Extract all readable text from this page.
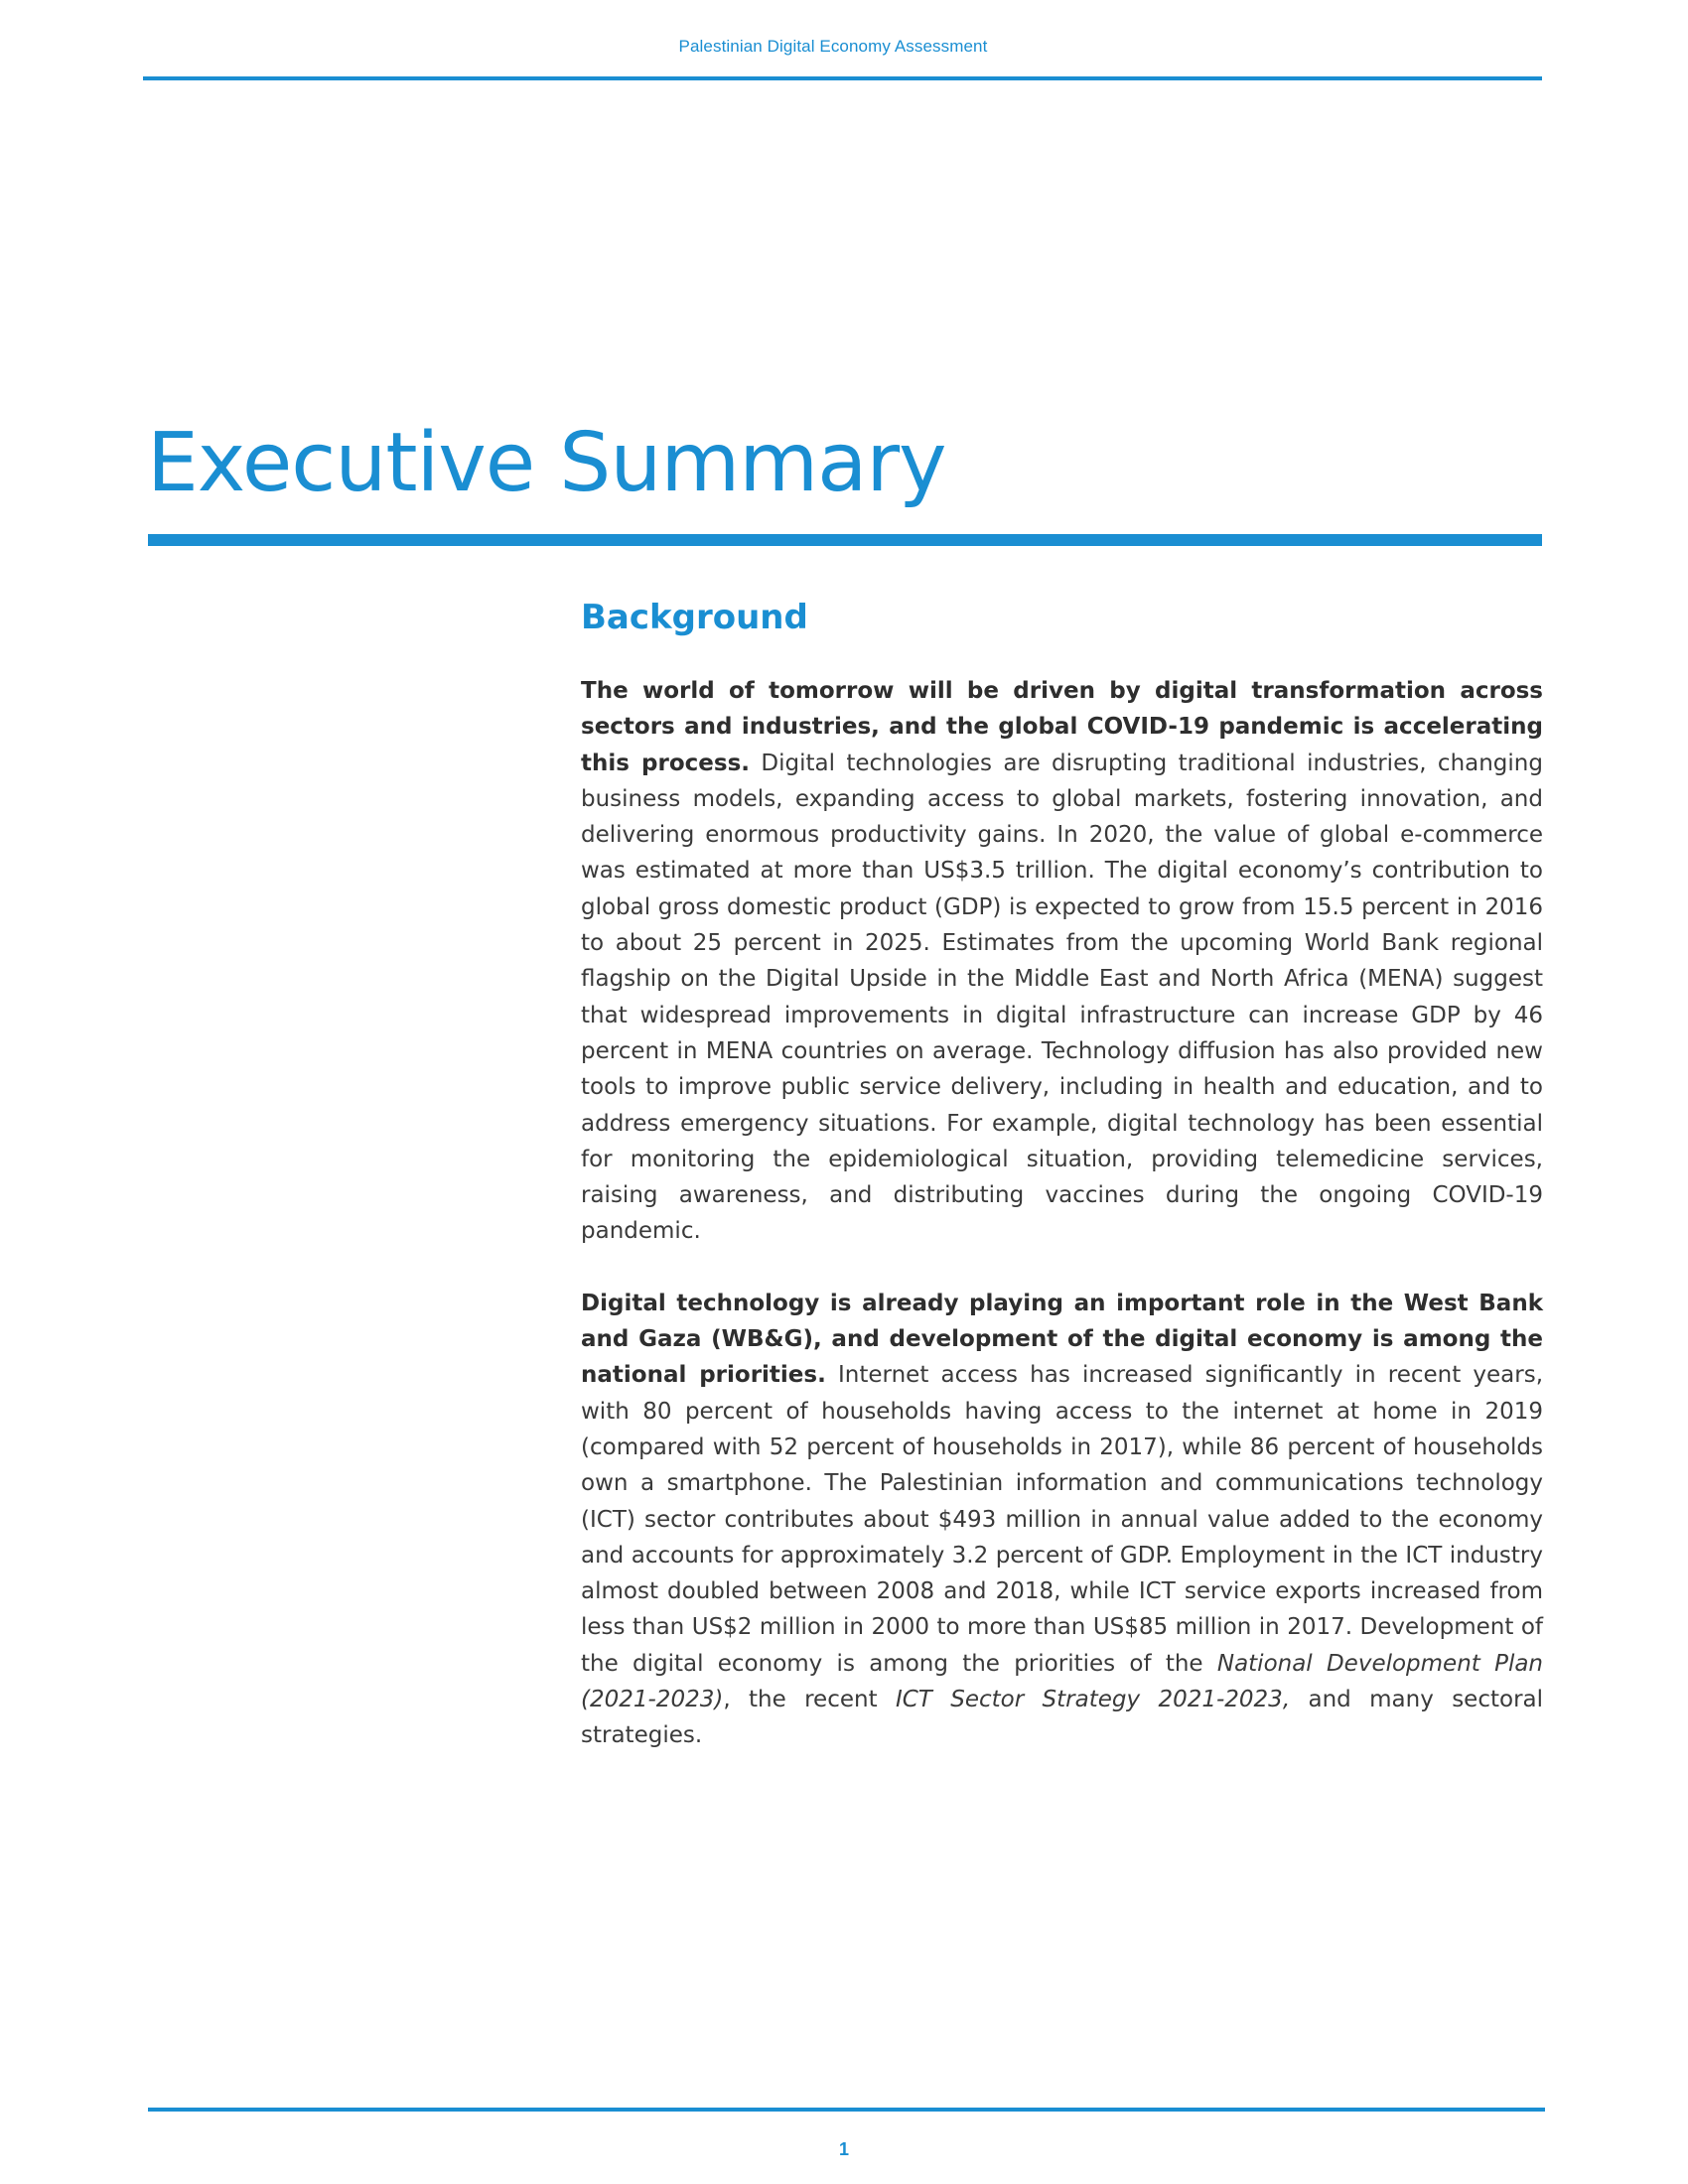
Palestinian Digital Economy Assessment
Executive Summary
Background

The world of tomorrow will be driven by digital transformation across sectors and industries, and the global COVID-19 pandemic is accelerating this process. Digital technologies are disrupting traditional industries, changing business models, expanding access to global markets, fostering innovation, and delivering enormous productivity gains. In 2020, the value of global e-commerce was estimated at more than US$3.5 trillion. The digital economy’s contribution to global gross domestic product (GDP) is expected to grow from 15.5 percent in 2016 to about 25 percent in 2025. Estimates from the upcoming World Bank regional flagship on the Digital Upside in the Middle East and North Africa (MENA) suggest that widespread improvements in digital infrastructure can increase GDP by 46 percent in MENA countries on average. Technology diffusion has also provided new tools to improve public service delivery, including in health and education, and to address emergency situations. For example, digital technology has been essential for monitoring the epidemiological situation, providing telemedicine services, raising awareness, and distributing vaccines during the ongoing COVID-19 pandemic.

Digital technology is already playing an important role in the West Bank and Gaza (WB&G), and development of the digital economy is among the national priorities. Internet access has increased significantly in recent years, with 80 percent of households having access to the internet at home in 2019 (compared with 52 percent of households in 2017), while 86 percent of households own a smartphone. The Palestinian information and communications technology (ICT) sector contributes about $493 million in annual value added to the economy and accounts for approximately 3.2 percent of GDP. Employment in the ICT industry almost doubled between 2008 and 2018, while ICT service exports increased from less than US$2 million in 2000 to more than US$85 million in 2017. Development of the digital economy is among the priorities of the National Development Plan (2021-2023), the recent ICT Sector Strategy 2021-2023, and many sectoral strategies.

1
